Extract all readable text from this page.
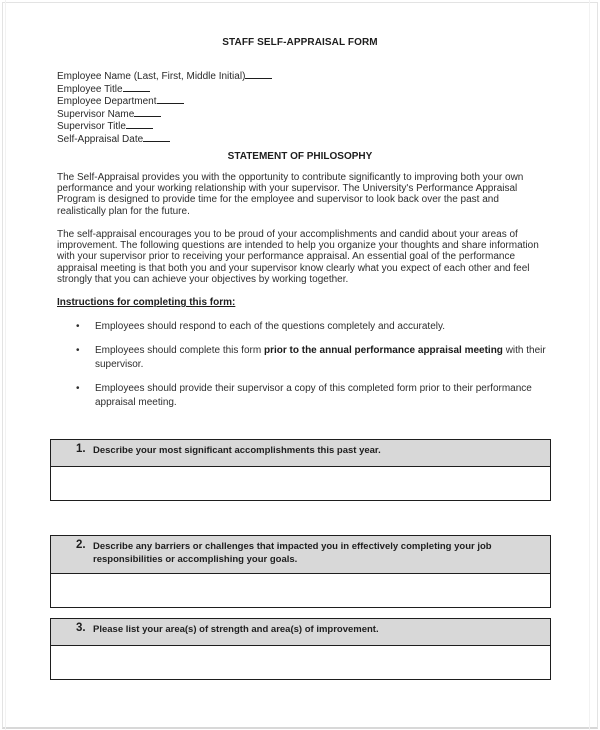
STAFF SELF-APPRAISAL FORM
Employee Name (Last, First, Middle Initial)
Employee Title
Employee Department
Supervisor Name
Supervisor Title
Self-Appraisal Date
STATEMENT OF PHILOSOPHY
The Self-Appraisal provides you with the opportunity to contribute significantly to improving both your own performance and your working relationship with your supervisor. The University's Performance Appraisal Program is designed to provide time for the employee and supervisor to look back over the past and realistically plan for the future.
The self-appraisal encourages you to be proud of your accomplishments and candid about your areas of improvement. The following questions are intended to help you organize your thoughts and share information with your supervisor prior to receiving your performance appraisal. An essential goal of the performance appraisal meeting is that both you and your supervisor know clearly what you expect of each other and feel strongly that you can achieve your objectives by working together.
Instructions for completing this form:
• Employees should respond to each of the questions completely and accurately.
• Employees should complete this form prior to the annual performance appraisal meeting with their supervisor.
• Employees should provide their supervisor a copy of this completed form prior to their performance appraisal meeting.
1. Describe your most significant accomplishments this past year.
2. Describe any barriers or challenges that impacted you in effectively completing your job responsibilities or accomplishing your goals.
3. Please list your area(s) of strength and area(s) of improvement.
